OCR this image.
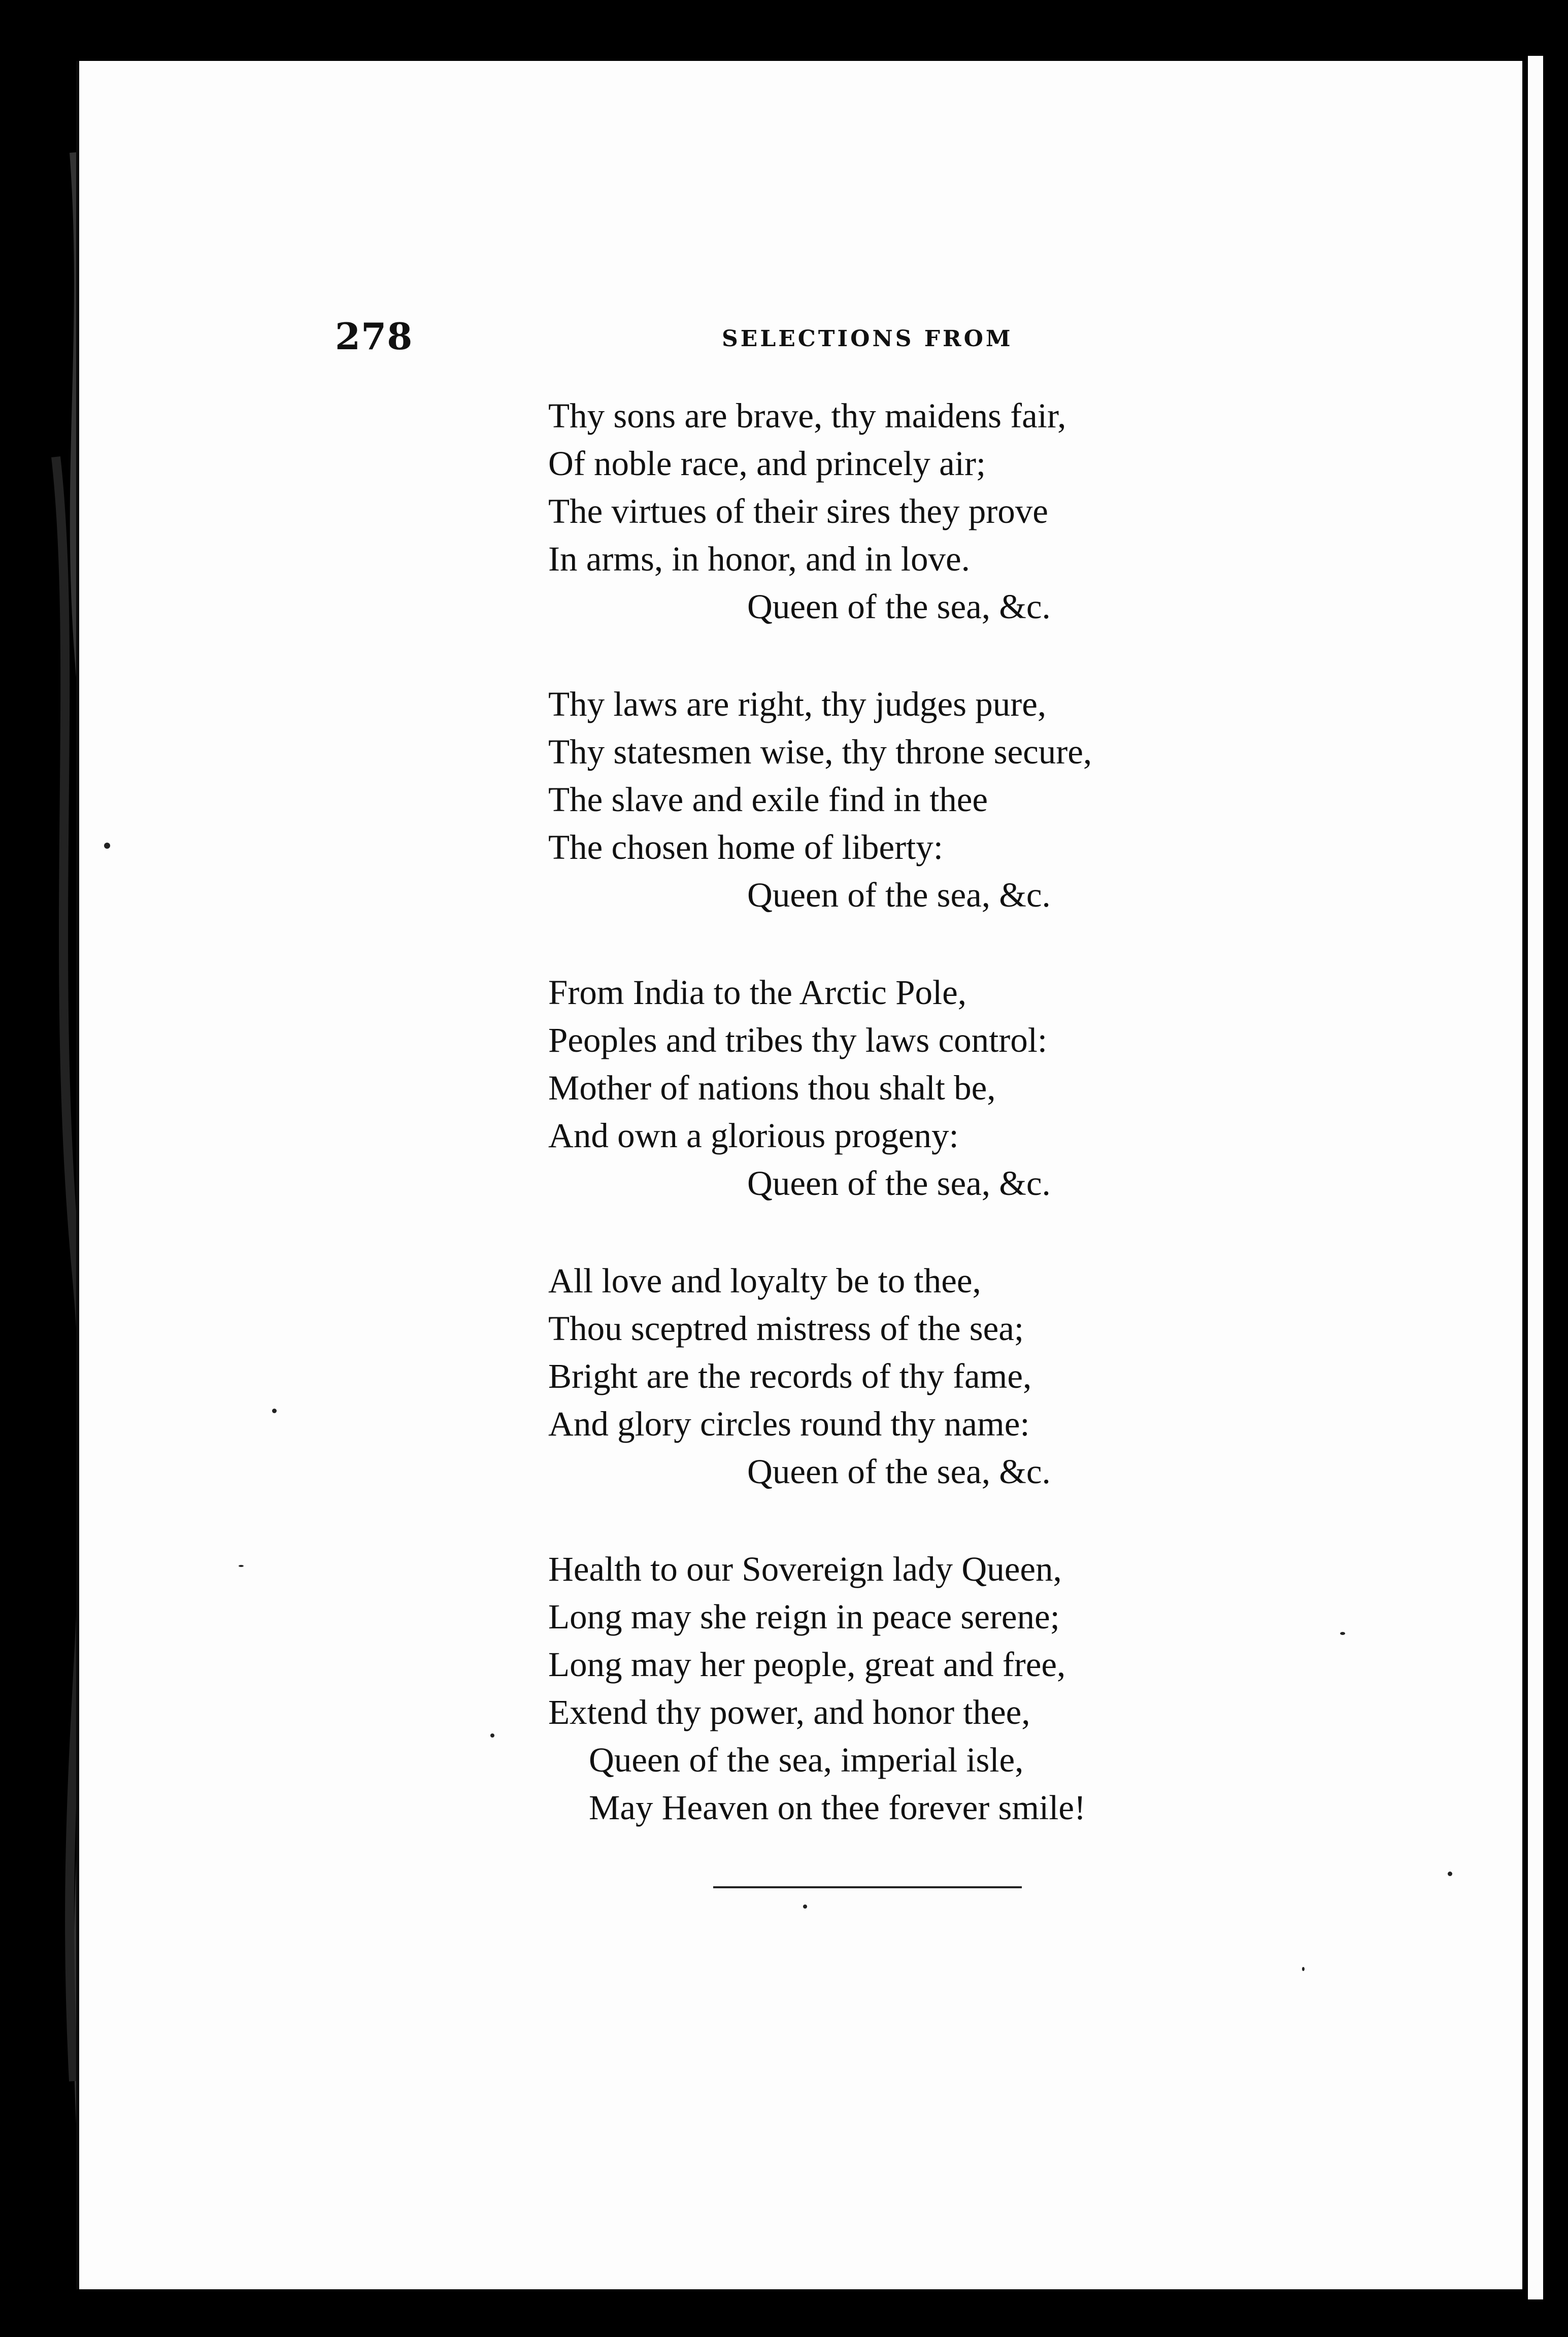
278	SELECTIONS FROM
Thy sons are brave, thy maidens fair,
Of noble race, and princely air;
The virtues of their sires they prove
In arms, in honor, and in love.
Queen of the sea, &c.
Thy laws are right, thy judges pure,
Thy statesmen wise, thy throne secure,
The slave and exile find in thee
The chosen home of liberty:
Queen of the sea, &c.
From India to the Arctic Pole,
Peoples and tribes thy laws control:
Mother of nations thou shalt be,
And own a glorious progeny:
Queen of the sea, &c.
All love and loyalty be to thee,
Thou sceptred mistress of the sea;
Bright are the records of thy fame,
And glory circles round thy name:
Queen of the sea, &c.
Health to our Sovereign lady Queen,
Long may she reign in peace serene;
Long may her people, great and free,
Extend thy power, and honor thee,
Queen of the sea, imperial isle,
May Heaven on thee forever smile!
